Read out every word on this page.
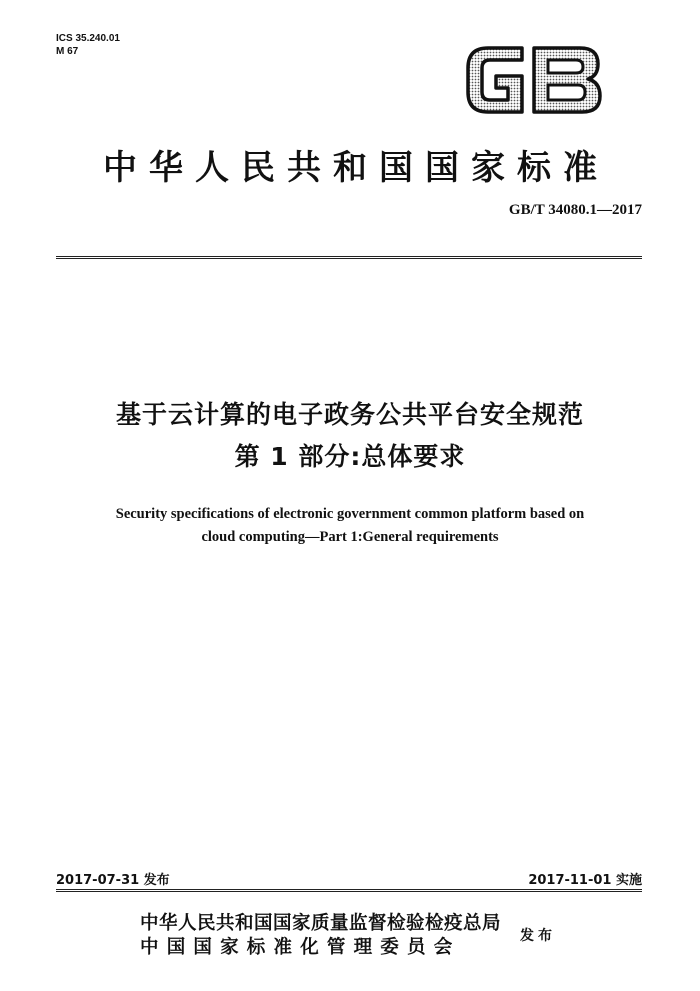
ICS 35.240.01
M 67
中华人民共和国国家标准
GB/T 34080.1—2017
基于云计算的电子政务公共平台安全规范
第 1 部分:总体要求
Security specifications of electronic government common platform based on
cloud computing—Part 1:General requirements
2017-07-31 发布	2017-11-01 实施
中华人民共和国国家质量监督检验检疫总局
中国国家标准化管理委员会
发布
